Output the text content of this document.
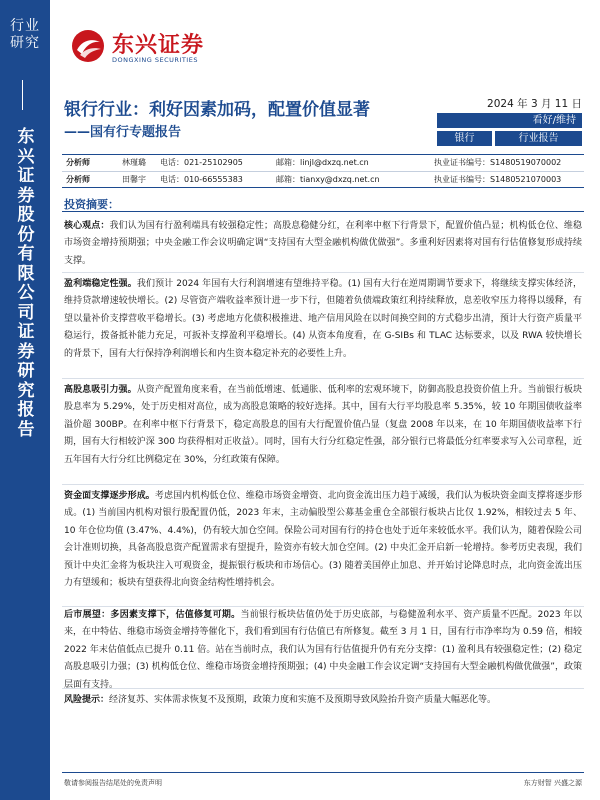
行业研究
东兴证券股份有限公司证券研究报告
东兴证券
DONGXING SECURITIES
银行行业：利好因素加码，配置价值显著
——国有行专题报告
2024 年 3 月 11 日
看好/维持
银行	行业报告
分析师	林瑾璐 电话：021-25102905	邮箱：linjl@dxzq.net.cn	执业证书编号：S1480519070002
分析师	田馨宇 电话：010-66555383	邮箱：tianxy@dxzq.net.cn	执业证书编号：S1480521070003
投资摘要：
核心观点：我们认为国有行盈利端具有较强稳定性；高股息稳健分红，在利率中枢下行背景下，配置价值凸显；机构低仓位、维稳市场资金增持预期强；中央金融工作会议明确定调“支持国有大型金融机构做优做强”。多重利好因素将对国有行估值修复形成持续支撑。
盈利端稳定性强。我们预计 2024 年国有大行利润增速有望维持平稳。(1) 国有大行在逆周期调节要求下，将继续支撑实体经济，维持贷款增速较快增长。(2) 尽管资产端收益率预计进一步下行，但随着负债端政策红利持续释放，息差收窄压力将得以缓释，有望以量补价支撑营收平稳增长。(3) 考虑地方化债积极推进、地产信用风险在以时间换空间的方式稳步出清，预计大行资产质量平稳运行，拨备抵补能力充足，可扳补支撑盈利平稳增长。(4) 从资本角度看，在 G-SIBs 和 TLAC 达标要求，以及 RWA 较快增长的背景下，国有大行保持净利润增长和内生资本稳定补充的必要性上升。
高股息吸引力强。从资产配置角度来看，在当前低增速、低通胀、低利率的宏观环境下，防御高股息投资价值上升。当前银行板块股息率为 5.29%，处于历史相对高位，成为高股息策略的较好选择。其中，国有大行平均股息率 5.35%，较 10 年期国债收益率溢价超 300BP。在利率中枢下行背景下，稳定高股息的国有大行配置价值凸显（复盘 2008 年以来，在 10 年期国债收益率下行期，国有大行相较沪深 300 均获得相对正收益）。同时，国有大行分红稳定性强，部分银行已将最低分红率要求写入公司章程，近五年国有大行分红比例稳定在 30%，分红政策有保障。
资金面支撑逐步形成。考虑国内机构低仓位、维稳市场资金增资、北向资金流出压力趋于减缓，我们认为板块资金面支撑将逐步形成。(1) 当前国内机构对银行股配置仍低，2023 年末，主动偏股型公募基金重仓全部银行板块占比仅 1.92%，相较过去 5 年、10 年仓位均值 (3.47%、4.4%)，仍有较大加仓空间。保险公司对国有行的持仓也处于近年来较低水平。我们认为，随着保险公司会计准则切换，具备高股息资产配置需求有望提升，险资亦有较大加仓空间。(2) 中央汇金开启新一轮增持。参考历史表现，我们预计中央汇金将为板块注入可观资金，提振银行板块和市场信心。(3) 随着美国停止加息、并开始讨论降息时点，北向资金流出压力有望缓和；板块有望获得北向资金结构性增持机会。
后市展望：多因素支撑下，估值修复可期。当前银行板块估值仍处于历史底部，与稳健盈利水平、资产质量不匹配。2023 年以来，在中特估、维稳市场资金增持等催化下，我们看到国有行估值已有所修复。截至 3 月 1 日，国有行市净率均为 0.59 倍，相较 2022 年末估值低点已提升 0.11 倍。站在当前时点，我们认为国有行估值提升仍有充分支撑：(1) 盈利具有较强稳定性；(2) 稳定高股息吸引力强；(3) 机构低仓位、维稳市场资金增持预期强；(4) 中央金融工作会议定调“支持国有大型金融机构做优做强”，政策层面有支持。
风险提示：经济复苏、实体需求恢复不及预期，政策力度和实施不及预期导致风险抬升资产质量大幅恶化等。
敬请参阅报告结尾处的免责声明	东方财智 兴盛之源
